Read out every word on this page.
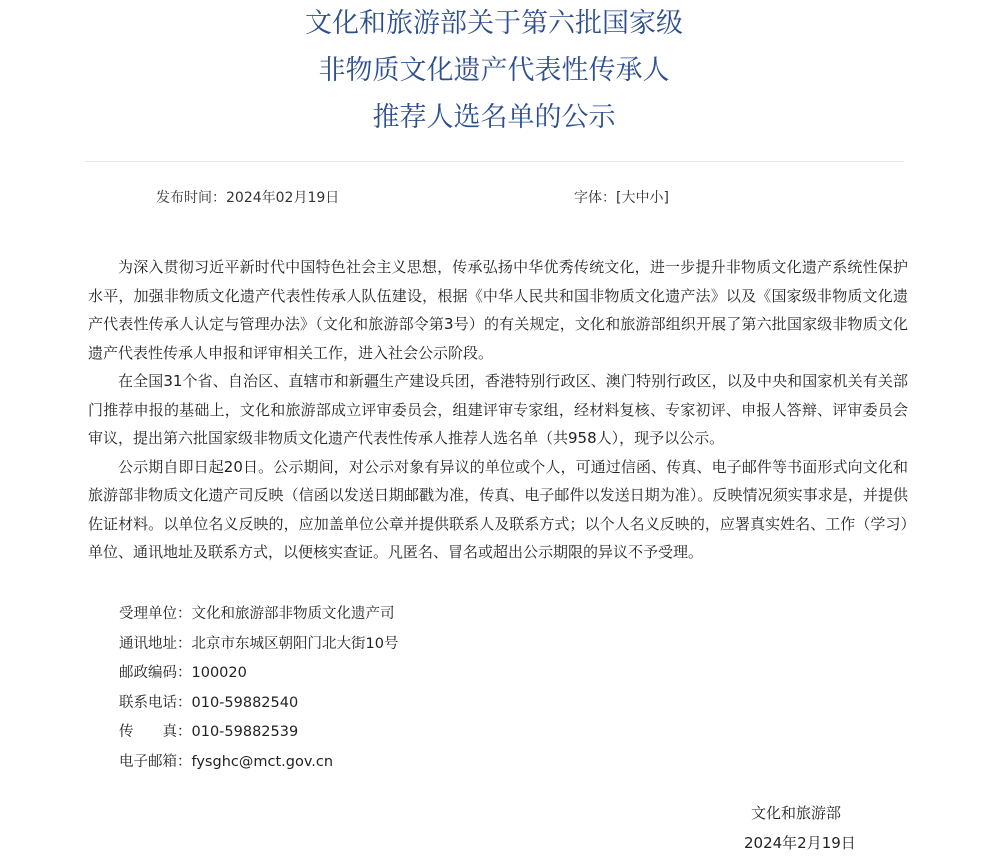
文化和旅游部关于第六批国家级
非物质文化遗产代表性传承人
推荐人选名单的公示
发布时间：2024年02月19日	字体：[大中小]

为深入贯彻习近平新时代中国特色社会主义思想，传承弘扬中华优秀传统文化，进一步提升非物质文化遗产系统性保护水平，加强非物质文化遗产代表性传承人队伍建设，根据《中华人民共和国非物质文化遗产法》以及《国家级非物质文化遗产代表性传承人认定与管理办法》（文化和旅游部令第3号）的有关规定，文化和旅游部组织开展了第六批国家级非物质文化遗产代表性传承人申报和评审相关工作，进入社会公示阶段。

在全国31个省、自治区、直辖市和新疆生产建设兵团，香港特别行政区、澳门特别行政区，以及中央和国家机关有关部门推荐申报的基础上，文化和旅游部成立评审委员会，组建评审专家组，经材料复核、专家初评、申报人答辩、评审委员会审议，提出第六批国家级非物质文化遗产代表性传承人推荐人选名单（共958人），现予以公示。

公示期自即日起20日。公示期间，对公示对象有异议的单位或个人，可通过信函、传真、电子邮件等书面形式向文化和旅游部非物质文化遗产司反映（信函以发送日期邮戳为准，传真、电子邮件以发送日期为准）。反映情况须实事求是，并提供佐证材料。以单位名义反映的，应加盖单位公章并提供联系人及联系方式；以个人名义反映的，应署真实姓名、工作（学习）单位、通讯地址及联系方式，以便核实查证。凡匿名、冒名或超出公示期限的异议不予受理。

受理单位：文化和旅游部非物质文化遗产司
通讯地址：北京市东城区朝阳门北大街10号
邮政编码：100020
联系电话：010-59882540
传　　真：010-59882539
电子邮箱：fysghc@mct.gov.cn
文化和旅游部
2024年2月19日
